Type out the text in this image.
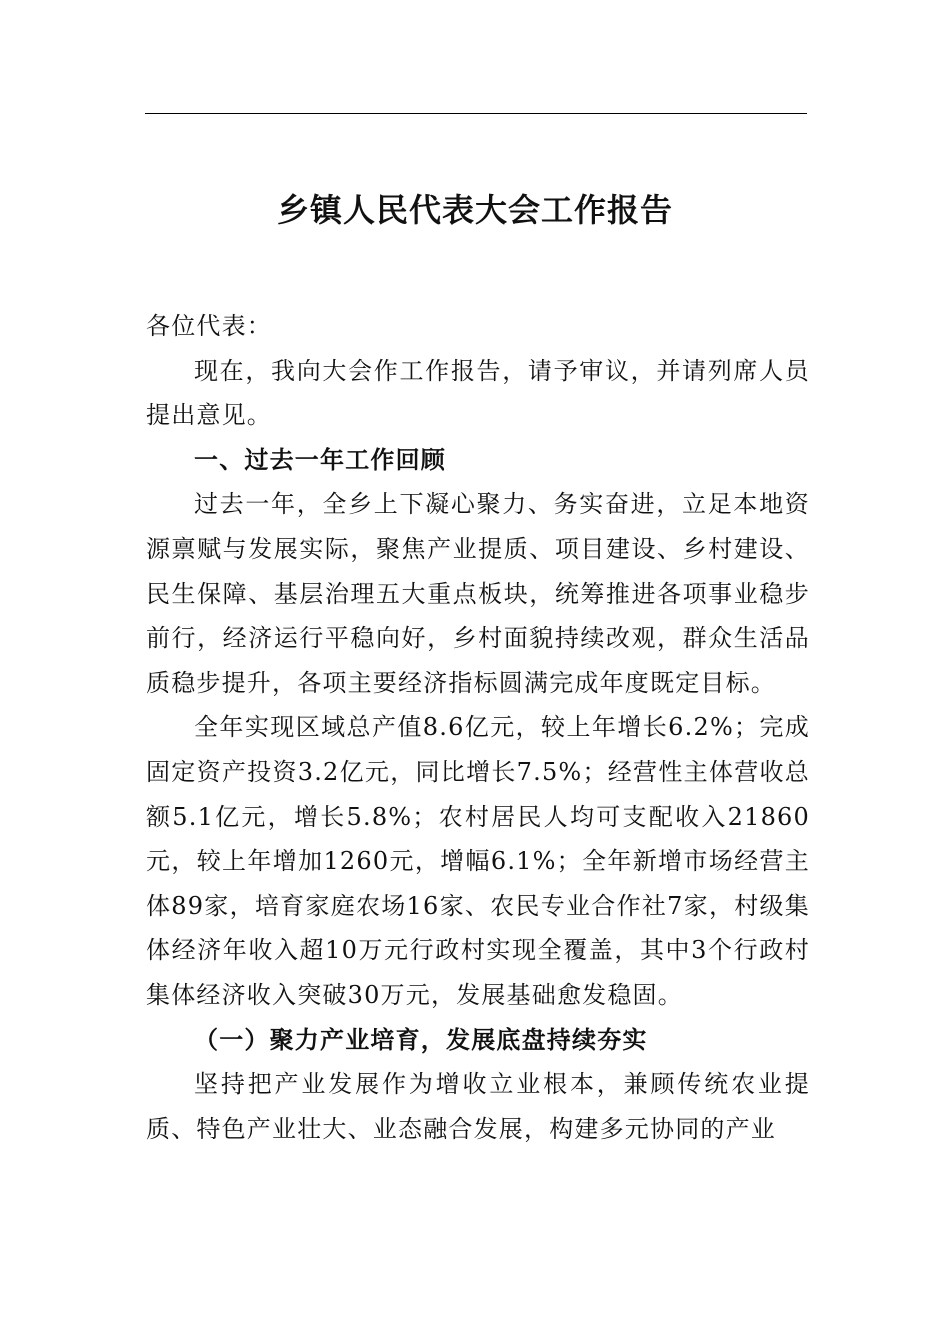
乡镇人民代表大会工作报告

各位代表：

现在，我向大会作工作报告，请予审议，并请列席人员提出意见。

一、过去一年工作回顾

过去一年，全乡上下凝心聚力、务实奋进，立足本地资源禀赋与发展实际，聚焦产业提质、项目建设、乡村建设、民生保障、基层治理五大重点板块，统筹推进各项事业稳步前行，经济运行平稳向好，乡村面貌持续改观，群众生活品质稳步提升，各项主要经济指标圆满完成年度既定目标。

全年实现区域总产值8.6亿元，较上年增长6.2%；完成固定资产投资3.2亿元，同比增长7.5%；经营性主体营收总额5.1亿元，增长5.8%；农村居民人均可支配收入21860元，较上年增加1260元，增幅6.1%；全年新增市场经营主体89家，培育家庭农场16家、农民专业合作社7家，村级集体经济年收入超10万元行政村实现全覆盖，其中3个行政村集体经济收入突破30万元，发展基础愈发稳固。

（一）聚力产业培育，发展底盘持续夯实

坚持把产业发展作为增收立业根本，兼顾传统农业提质、特色产业壮大、业态融合发展，构建多元协同的产业
